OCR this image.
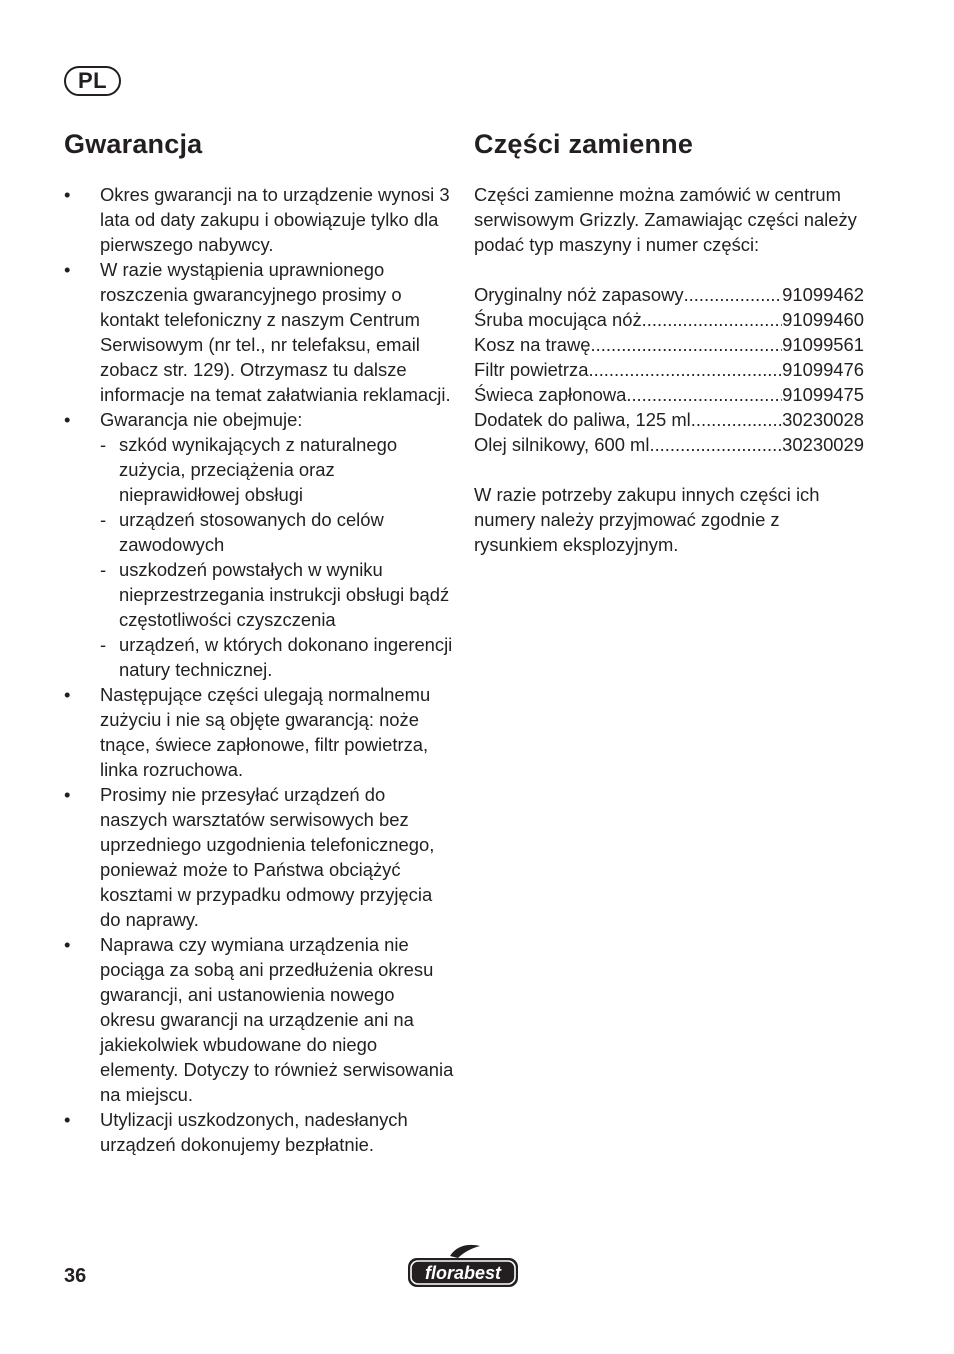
PL
Gwarancja
• Okres gwarancji na to urządzenie wynosi 3 lata od daty zakupu i obowiązuje tylko dla pierwszego nabywcy.
• W razie wystąpienia uprawnionego roszczenia gwarancyjnego prosimy o kontakt telefoniczny z naszym Centrum Serwisowym (nr tel., nr telefaksu, email zobacz str. 129). Otrzymasz tu dalsze informacje na temat załatwiania reklamacji.
• Gwarancja nie obejmuje:
- szkód wynikających z naturalnego zużycia, przeciążenia oraz nieprawidłowej obsługi
- urządzeń stosowanych do celów zawodowych
- uszkodzeń powstałych w wyniku nieprzestrzegania instrukcji obsługi bądź częstotliwości czyszczenia
- urządzeń, w których dokonano ingerencji natury technicznej.
• Następujące części ulegają normalnemu zużyciu i nie są objęte gwarancją: noże tnące, świece zapłonowe, filtr powietrza, linka rozruchowa.
• Prosimy nie przesyłać urządzeń do naszych warsztatów serwisowych bez uprzedniego uzgodnienia telefonicznego, ponieważ może to Państwa obciążyć kosztami w przypadku odmowy przyjęcia do naprawy.
• Naprawa czy wymiana urządzenia nie pociąga za sobą ani przedłużenia okresu gwarancji, ani ustanowienia nowego okresu gwarancji na urządzenie ani na jakiekolwiek wbudowane do niego elementy. Dotyczy to również serwisowania na miejscu.
• Utylizacji uszkodzonych, nadesłanych urządzeń dokonujemy bezpłatnie.
Części zamienne

Części zamienne można zamówić w centrum serwisowym Grizzly. Zamawiając części należy podać typ maszyny i numer części:

Oryginalny nóż zapasowy .....	91099462
Śruba mocująca nóż .....	91099460
Kosz na trawę .....	91099561
Filtr powietrza .....	91099476
Świeca zapłonowa .....	91099475
Dodatek do paliwa, 125 ml .....	30230028
Olej silnikowy, 600 ml .....	30230029

W razie potrzeby zakupu innych części ich numery należy przyjmować zgodnie z rysunkiem eksplozyjnym.

36	florabest
